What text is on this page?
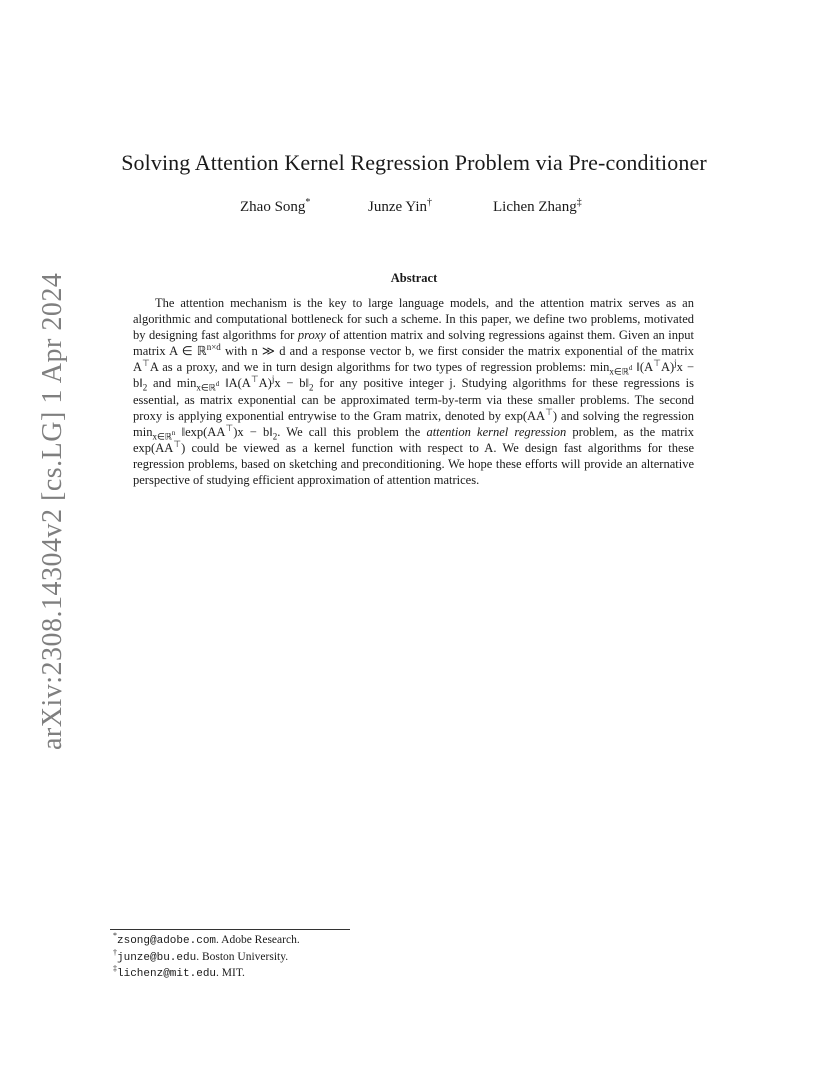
arXiv:2308.14304v2 [cs.LG] 1 Apr 2024
Solving Attention Kernel Regression Problem via Pre-conditioner
Zhao Song*	Junze Yin†	Lichen Zhang‡
Abstract
The attention mechanism is the key to large language models, and the attention matrix serves as an algorithmic and computational bottleneck for such a scheme. In this paper, we define two problems, motivated by designing fast algorithms for proxy of attention matrix and solving regressions against them. Given an input matrix A ∈ ℝ$^{n\times d}$ with n ≫ d and a response vector b, we first consider the matrix exponential of the matrix A⊤A as a proxy, and we in turn design algorithms for two types of regression problems: $\min_{x\in ℝd}$ $‖(A^⊤A)^jx$ − $b‖_2$ and $\min_{x\in ℝd}$ $‖A(A^⊤A)^jx$ − $b‖_2$ for any positive integer j. Studying algorithms for these regressions is essential, as matrix exponential can be approximated term-by-term via these smaller problems. The second proxy is applying exponential entrywise to the Gram matrix, denoted by exp(AA⊤) and solving the regression $\min_{x\in ℝn}$ ‖exp(AA⊤)x − $b‖_2$. We call this problem the attention kernel regression problem, as the matrix exp(AA⊤) could be viewed as a kernel function with respect to A. We design fast algorithms for these regression problems, based on sketching and preconditioning. We hope these efforts will provide an alternative perspective of studying efficient approximation of attention matrices.
*zsong@adobe.com. Adobe Research.
†junze@bu.edu. Boston University.
‡lichenz@mit.edu. MIT.
